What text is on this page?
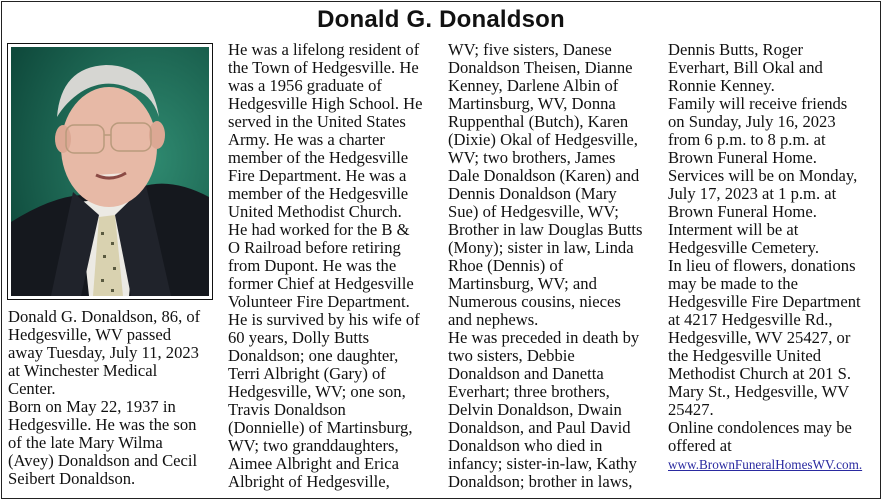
Donald G. Donaldson
Donald G. Donaldson, 86, of
Hedgesville, WV passed
away Tuesday, July 11, 2023
at Winchester Medical
Center.
Born on May 22, 1937 in
Hedgesville. He was the son
of the late Mary Wilma
(Avey) Donaldson and Cecil
Seibert Donaldson.
He was a lifelong resident of
the Town of Hedgesville. He
was a 1956 graduate of
Hedgesville High School. He
served in the United States
Army. He was a charter
member of the Hedgesville
Fire Department. He was a
member of the Hedgesville
United Methodist Church.
He had worked for the B &
O Railroad before retiring
from Dupont. He was the
former Chief at Hedgesville
Volunteer Fire Department.
He is survived by his wife of
60 years, Dolly Butts
Donaldson; one daughter,
Terri Albright (Gary) of
Hedgesville, WV; one son,
Travis Donaldson
(Donnielle) of Martinsburg,
WV; two granddaughters,
Aimee Albright and Erica
Albright of Hedgesville,
WV; five sisters, Danese
Donaldson Theisen, Dianne
Kenney, Darlene Albin of
Martinsburg, WV, Donna
Ruppenthal (Butch), Karen
(Dixie) Okal of Hedgesville,
WV; two brothers, James
Dale Donaldson (Karen) and
Dennis Donaldson (Mary
Sue) of Hedgesville, WV;
Brother in law Douglas Butts
(Mony); sister in law, Linda
Rhoe (Dennis) of
Martinsburg, WV; and
Numerous cousins, nieces
and nephews.
He was preceded in death by
two sisters, Debbie
Donaldson and Danetta
Everhart; three brothers,
Delvin Donaldson, Dwain
Donaldson, and Paul David
Donaldson who died in
infancy; sister-in-law, Kathy
Donaldson; brother in laws,
Dennis Butts, Roger
Everhart, Bill Okal and
Ronnie Kenney.
Family will receive friends
on Sunday, July 16, 2023
from 6 p.m. to 8 p.m. at
Brown Funeral Home.
Services will be on Monday,
July 17, 2023 at 1 p.m. at
Brown Funeral Home.
Interment will be at
Hedgesville Cemetery.
In lieu of flowers, donations
may be made to the
Hedgesville Fire Department
at 4217 Hedgesville Rd.,
Hedgesville, WV 25427, or
the Hedgesville United
Methodist Church at 201 S.
Mary St., Hedgesville, WV
25427.
Online condolences may be
offered at
www.BrownFuneralHomesWV.com.
